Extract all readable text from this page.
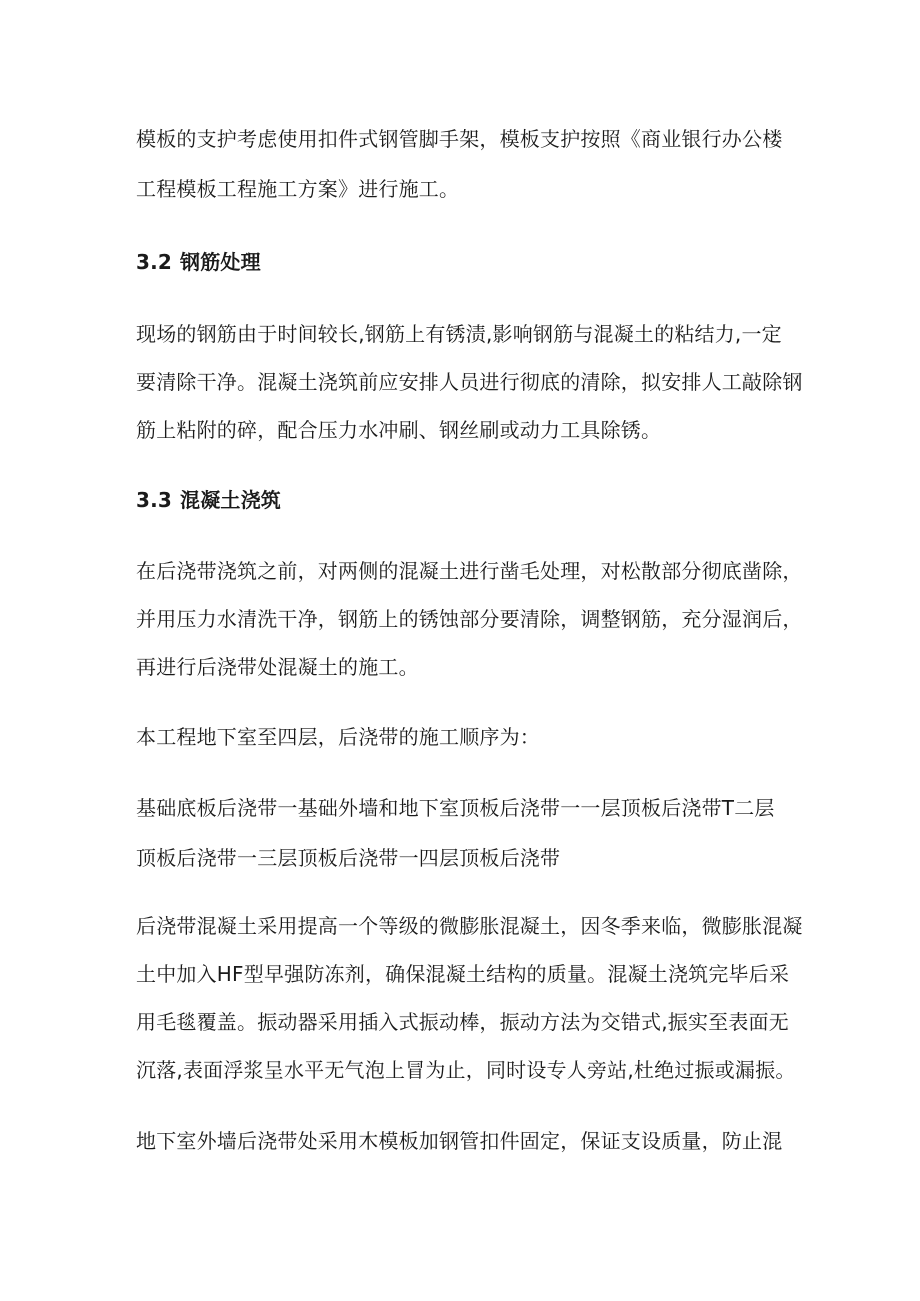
模板的支护考虑使用扣件式钢管脚手架，模板支护按照《商业银行办公楼
工程模板工程施工方案》进行施工。
3.2 钢筋处理
现场的钢筋由于时间较长,钢筋上有锈渍,影响钢筋与混凝土的粘结力,一定
要清除干净。混凝土浇筑前应安排人员进行彻底的清除，拟安排人工敲除钢
筋上粘附的碎，配合压力水冲刷、钢丝刷或动力工具除锈。
3.3 混凝土浇筑
在后浇带浇筑之前，对两侧的混凝土进行凿毛处理，对松散部分彻底凿除，
并用压力水清洗干净，钢筋上的锈蚀部分要清除，调整钢筋，充分湿润后，
再进行后浇带处混凝土的施工。
本工程地下室至四层，后浇带的施工顺序为：
基础底板后浇带一基础外墙和地下室顶板后浇带一一层顶板后浇带T二层
顶板后浇带一三层顶板后浇带一四层顶板后浇带
后浇带混凝土采用提高一个等级的微膨胀混凝土，因冬季来临，微膨胀混凝
土中加入HF型早强防冻剂，确保混凝土结构的质量。混凝土浇筑完毕后采
用毛毯覆盖。振动器采用插入式振动棒，振动方法为交错式,振实至表面无
沉落,表面浮浆呈水平无气泡上冒为止，同时设专人旁站,杜绝过振或漏振。
地下室外墙后浇带处采用木模板加钢管扣件固定，保证支设质量，防止混
